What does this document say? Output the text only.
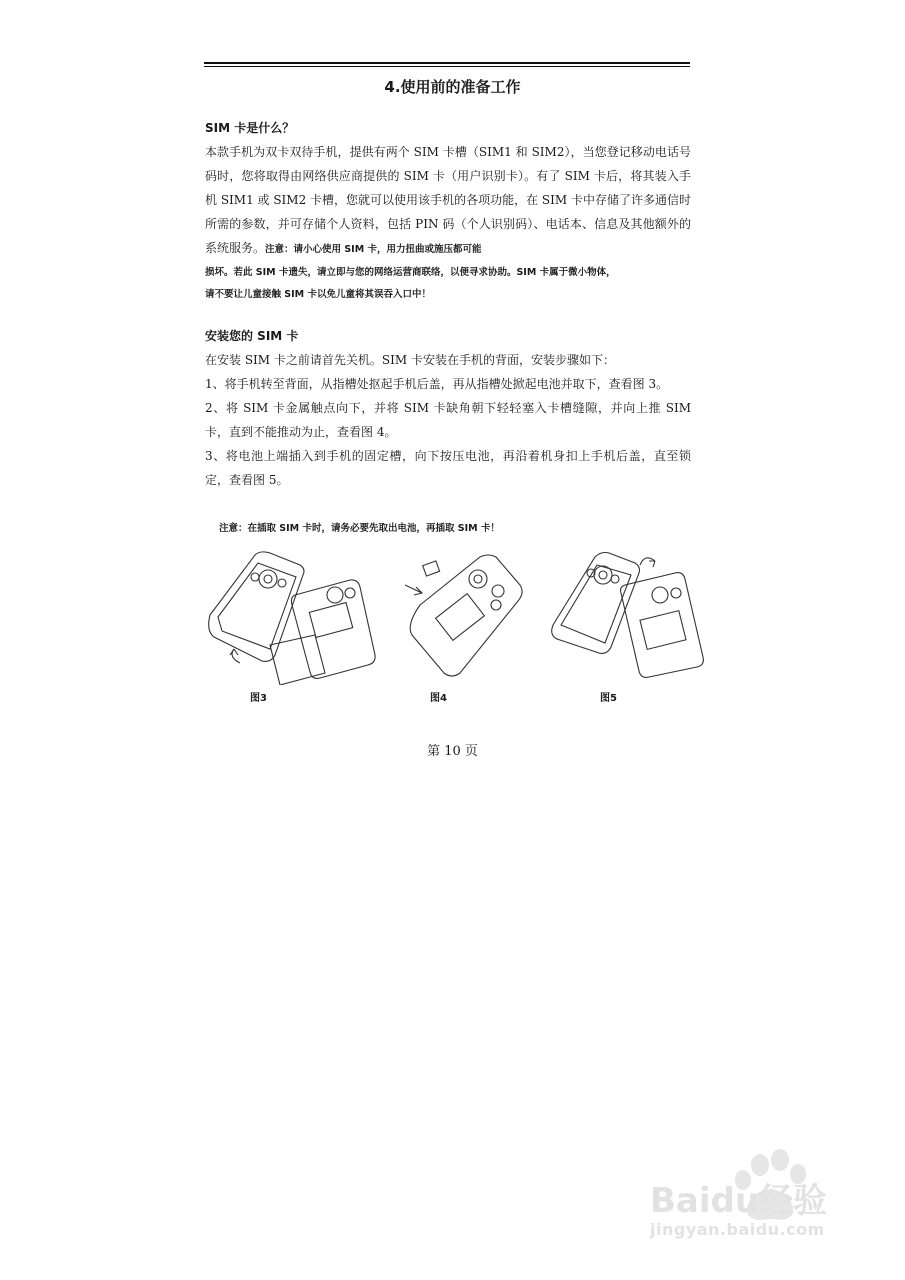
4.使用前的准备工作
SIM 卡是什么？
本款手机为双卡双待手机，提供有两个 SIM 卡槽（SIM1 和 SIM2），当您登记移动电话号码时，您将取得由网络供应商提供的 SIM 卡（用户识别卡）。有了 SIM 卡后，将其装入手机 SIM1 或 SIM2 卡槽，您就可以使用该手机的各项功能，在 SIM 卡中存储了许多通信时所需的参数，并可存储个人资料，包括 PIN 码（个人识别码）、电话本、信息及其他额外的系统服务。注意：请小心使用 SIM 卡，用力扭曲或施压都可能
损坏。若此 SIM 卡遗失，请立即与您的网络运营商联络，以便寻求协助。SIM 卡属于微小物体，
请不要让儿童接触 SIM 卡以免儿童将其误吞入口中！
安装您的 SIM 卡
在安装 SIM 卡之前请首先关机。SIM 卡安装在手机的背面，安装步骤如下：
1、将手机转至背面，从指槽处抠起手机后盖，再从指槽处掀起电池并取下，查看图 3。
2、将 SIM 卡金属触点向下，并将 SIM 卡缺角朝下轻轻塞入卡槽缝隙，并向上推 SIM 卡，直到不能推动为止，查看图 4。
3、将电池上端插入到手机的固定槽，向下按压电池，再沿着机身扣上手机后盖，直至锁定，查看图 5。
注意：在插取 SIM 卡时，请务必要先取出电池，再插取 SIM 卡！
图3	图4	图5
第 10 页
Baidu经验
jingyan.baidu.com
